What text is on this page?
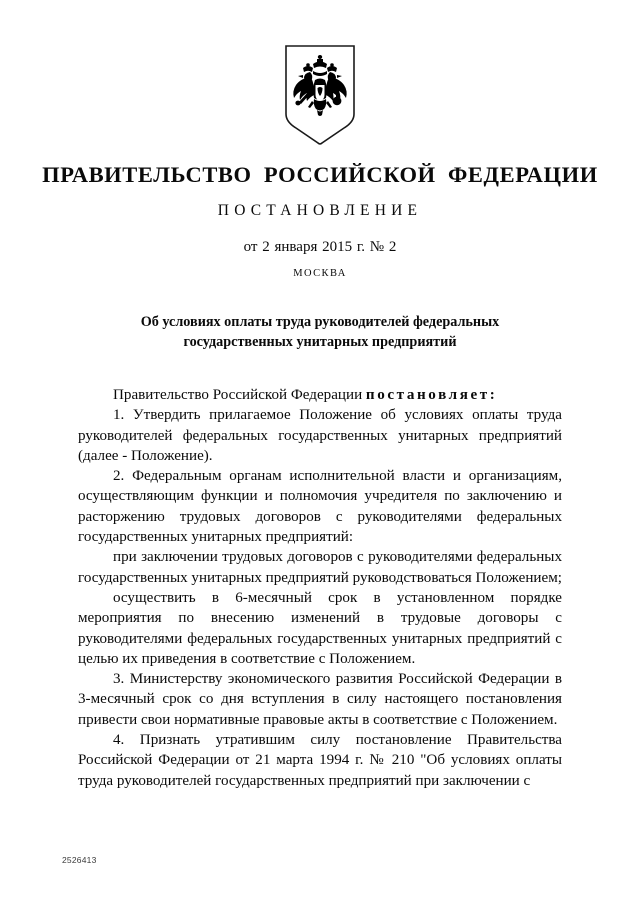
ПРАВИТЕЛЬСТВО РОССИЙСКОЙ ФЕДЕРАЦИИ
ПОСТАНОВЛЕНИЕ
от 2 января 2015 г. № 2
МОСКВА
Об условиях оплаты труда руководителей федеральных государственных унитарных предприятий

Правительство Российской Федерации постановляет:

1. Утвердить прилагаемое Положение об условиях оплаты труда руководителей федеральных государственных унитарных предприятий (далее - Положение).

2. Федеральным органам исполнительной власти и организациям, осуществляющим функции и полномочия учредителя по заключению и расторжению трудовых договоров с руководителями федеральных государственных унитарных предприятий:

при заключении трудовых договоров с руководителями федеральных государственных унитарных предприятий руководствоваться Положением;

осуществить в 6-месячный срок в установленном порядке мероприятия по внесению изменений в трудовые договоры с руководителями федеральных государственных унитарных предприятий с целью их приведения в соответствие с Положением.

3. Министерству экономического развития Российской Федерации в 3-месячный срок со дня вступления в силу настоящего постановления привести свои нормативные правовые акты в соответствие с Положением.

4. Признать утратившим силу постановление Правительства Российской Федерации от 21 марта 1994 г. № 210 "Об условиях оплаты труда руководителей государственных предприятий при заключении с

2526413
